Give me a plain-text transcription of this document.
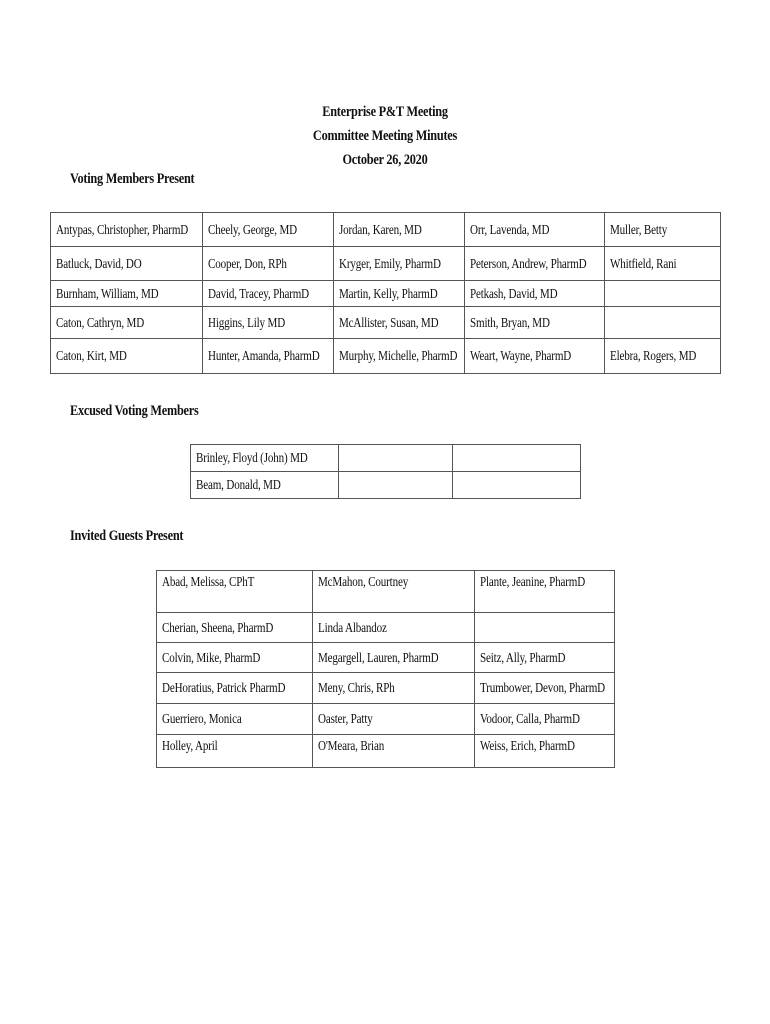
Enterprise P&T Meeting
Committee Meeting Minutes
October 26, 2020
Voting Members Present
Antypas, Christopher, PharmD	Cheely, George, MD	Jordan, Karen, MD	Orr, Lavenda, MD	Muller, Betty
Batluck, David, DO	Cooper, Don, RPh	Kryger, Emily, PharmD	Peterson, Andrew, PharmD	Whitfield, Rani
Burnham, William, MD	David, Tracey, PharmD	Martin, Kelly, PharmD	Petkash, David, MD	
Caton, Cathryn, MD	Higgins, Lily MD	McAllister, Susan, MD	Smith, Bryan, MD	
Caton, Kirt, MD	Hunter, Amanda, PharmD	Murphy, Michelle, PharmD	Weart, Wayne, PharmD	Elebra, Rogers, MD
Excused Voting Members
Brinley, Floyd (John) MD		
Beam, Donald, MD		
Invited Guests Present
Abad, Melissa, CPhT	McMahon, Courtney	Plante, Jeanine, PharmD
Cherian, Sheena, PharmD	Linda Albandoz	
Colvin, Mike, PharmD	Megargell, Lauren, PharmD	Seitz, Ally, PharmD
DeHoratius, Patrick PharmD	Meny, Chris, RPh	Trumbower, Devon, PharmD
Guerriero, Monica	Oaster, Patty	Vodoor, Calla, PharmD
Holley, April	O'Meara, Brian	Weiss, Erich, PharmD
